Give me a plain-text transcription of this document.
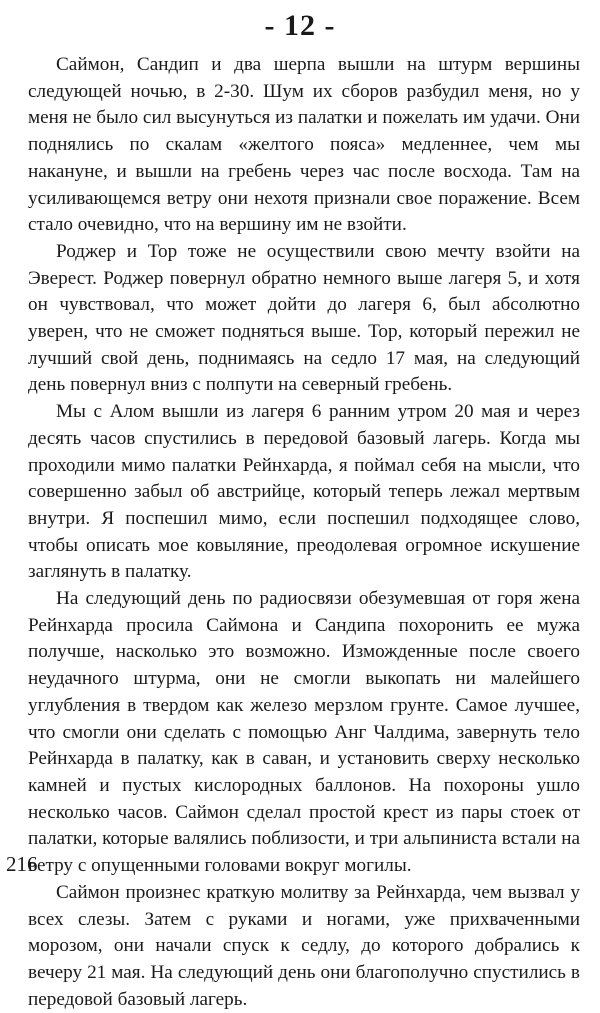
- 12 -

Саймон, Сандип и два шерпа вышли на штурм вершины следующей ночью, в 2-30. Шум их сборов разбудил меня, но у меня не было сил высунуться из палатки и пожелать им удачи. Они поднялись по скалам «желтого пояса» медленнее, чем мы накануне, и вышли на гребень через час после восхода. Там на усиливающемся ветру они нехотя признали свое поражение. Всем стало очевидно, что на вершину им не взойти.

Роджер и Тор тоже не осуществили свою мечту взойти на Эверест. Роджер повернул обратно немного выше лагеря 5, и хотя он чувствовал, что может дойти до лагеря 6, был абсолютно уверен, что не сможет подняться выше. Тор, который пережил не лучший свой день, поднимаясь на седло 17 мая, на следующий день повернул вниз с полпути на северный гребень.

Мы с Алом вышли из лагеря 6 ранним утром 20 мая и через десять часов спустились в передовой базовый лагерь. Когда мы проходили мимо палатки Рейнхарда, я поймал себя на мысли, что совершенно забыл об австрийце, который теперь лежал мертвым внутри. Я поспешил мимо, если поспешил подходящее слово, чтобы описать мое ковыляние, преодолевая огромное искушение заглянуть в палатку.

На следующий день по радиосвязи обезумевшая от горя жена Рейнхарда просила Саймона и Сандипа похоронить ее мужа получше, насколько это возможно. Изможденные после своего неудачного штурма, они не смогли выкопать ни малейшего углубления в твердом как железо мерзлом грунте. Самое лучшее, что смогли они сделать с помощью Анг Чалдима, завернуть тело Рейнхарда в палатку, как в саван, и установить сверху несколько камней и пустых кислородных баллонов. На похороны ушло несколько часов. Саймон сделал простой крест из пары стоек от палатки, которые валялись поблизости, и три альпиниста встали на ветру с опущенными головами вокруг могилы.

Саймон произнес краткую молитву за Рейнхарда, чем вызвал у всех слезы. Затем с руками и ногами, уже прихваченными морозом, они начали спуск к седлу, до которого добрались к вечеру 21 мая. На следующий день они благополучно спустились в передовой базовый лагерь.

216
